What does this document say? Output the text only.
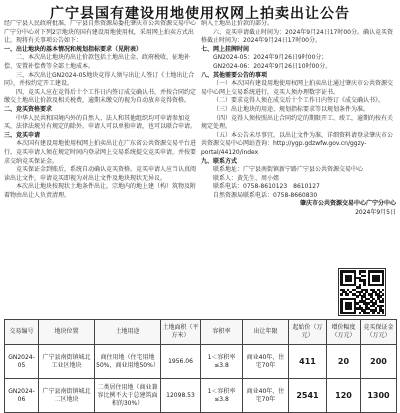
广宁县国有建设用地使用权网上拍卖出让公告

经广宁县人民政府批准，广宁县自然资源局委托肇庆市公共资源交易中心广宁分中心对下列2宗地块的国有建设用地使用权，采用网上拍卖方式出让，现将有关事项公告如下：

一、出让地块的基本情况和规划指标要求（见附表）

二、本次出让地块的出让价款包括土地出让金、政府税收、征地补偿、安置补偿费等全部土地成本。

三、本次出让GN2024-05地块竞得人须与出让人签订《土地出让合同》，并按约定开工建设。

四、竞买人应在竞得后十个工作日内签订成交确认书，并按合同约定缴交土地出让价款及相关税费，逾期未缴交的视为自动放弃竞得资格。

二、竞买资格要求

中华人民共和国境内外的自然人、法人和其他组织均可申请参加竞买，法律法规另有规定的除外。申请人可以单独申请，也可以联合申请。

三、竞买申请

本次国有建设用地使用权网上拍卖出让在广东省公共资源交易平台进行。竞买申请人须在规定时间内登录网上交易系统提交竞买申请，并按要求交纳竞买保证金。

竞买保证金到账后，系统自动确认竞买资格。竞买申请人应当认真阅读出让文件，申请竞买即视为对出让文件及地块现状无异议。

本次出让地块按现状土地条件出让，宗地内的地上建（构）筑物及附着物由出让人负责清理。

纳入土地出让价款的部分。

六、竞买申请截止时间为：2024年9月24日17时00分。确认竞买资格截止时间为：2024年9月24日17时00分。

七、网上挂牌时间

GN2024-05：2024年9月26日9时00分；

GN2024-06：2024年9月26日10时00分。

八、其他需要公告的事项

（一）本次国有建设用地使用权网上拍卖出让通过肇庆市公共资源交易中心网上交易系统进行，竞买人须办理数字证书。

（二）要求竞得人须在成交后十个工作日内签订《成交确认书》。

（三）出让地块的用途、规划指标要求等以规划条件为准。

（四）竞得人须按照出让合同约定的期限开工、竣工，逾期的按有关规定处理。

（五）本公告未尽事宜，以出让文件为准，详细资料请登录肇庆市公共资源交易中心网站查询：http://ygp.gdzwfw.gov.cn/ggzy-portal/44120/index

九、联系方式

联系地址：广宁县南街镇新宁路广宁县公共资源交易中心

联系人：黄先生、周小姐

联系电话：0758-8610123　8610127

自然资源局联系电话：0758-8660830

肇庆市公共资源交易中心广宁分中心

2024年9月5日

交易编号	地块位置	土地用途	土地面积（平方米）	容积率	出让年限	起始价（万元）	增价幅度（万元）	竞买保证金（万元）
GN2024-05	广宁县南街镇城北工业区地块	商住用地（住宅用地50%，商业用地50%）	1956.06	1＜容积率≤3.8	商业40年、住宅70年	411	20	200
GN2024-06	广宁县南街镇城北二区地块	二类居住用地（商业兼容比例不大于总建筑面积的30%）	12098.53	1＜容积率≤3.8	商业40年、住宅70年	2541	120	1300
